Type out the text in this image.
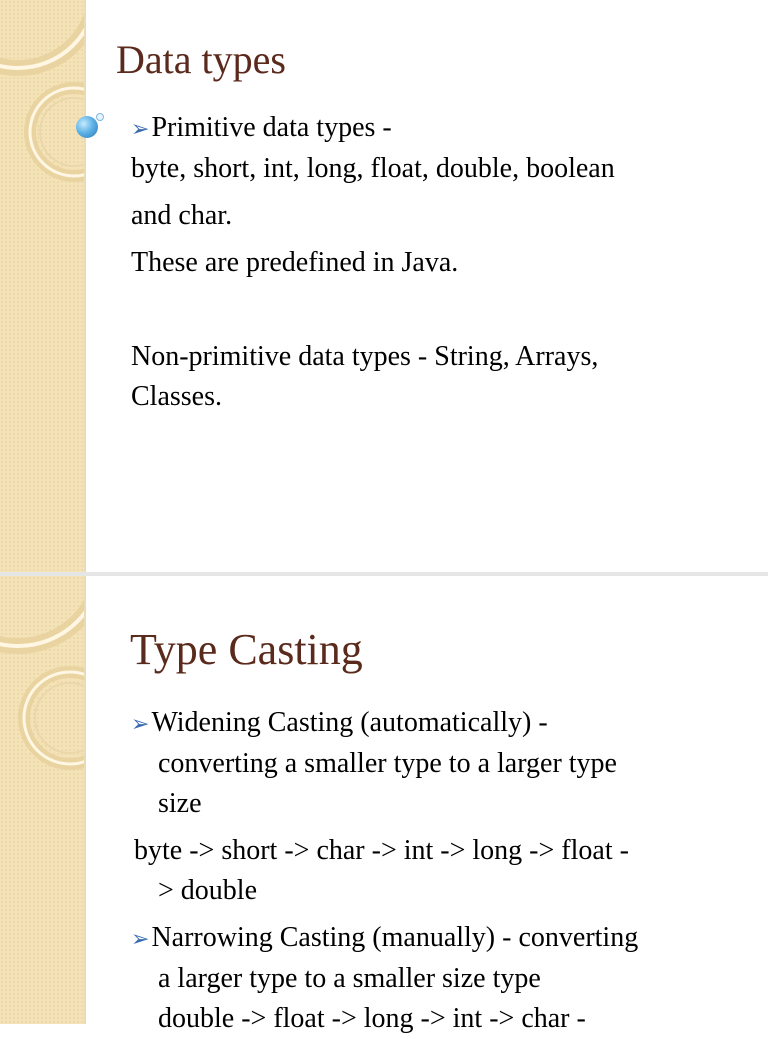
Data types
➢Primitive data types -
byte, short, int, long, float, double, boolean
and char.
These are predefined in Java.
Non-primitive data types - String, Arrays,
Classes.
Type Casting
➢Widening Casting (automatically) -
converting a smaller type to a larger type
size
byte -> short -> char -> int -> long -> float -
> double
➢Narrowing Casting (manually) - converting
a larger type to a smaller size type
double -> float -> long -> int -> char -
